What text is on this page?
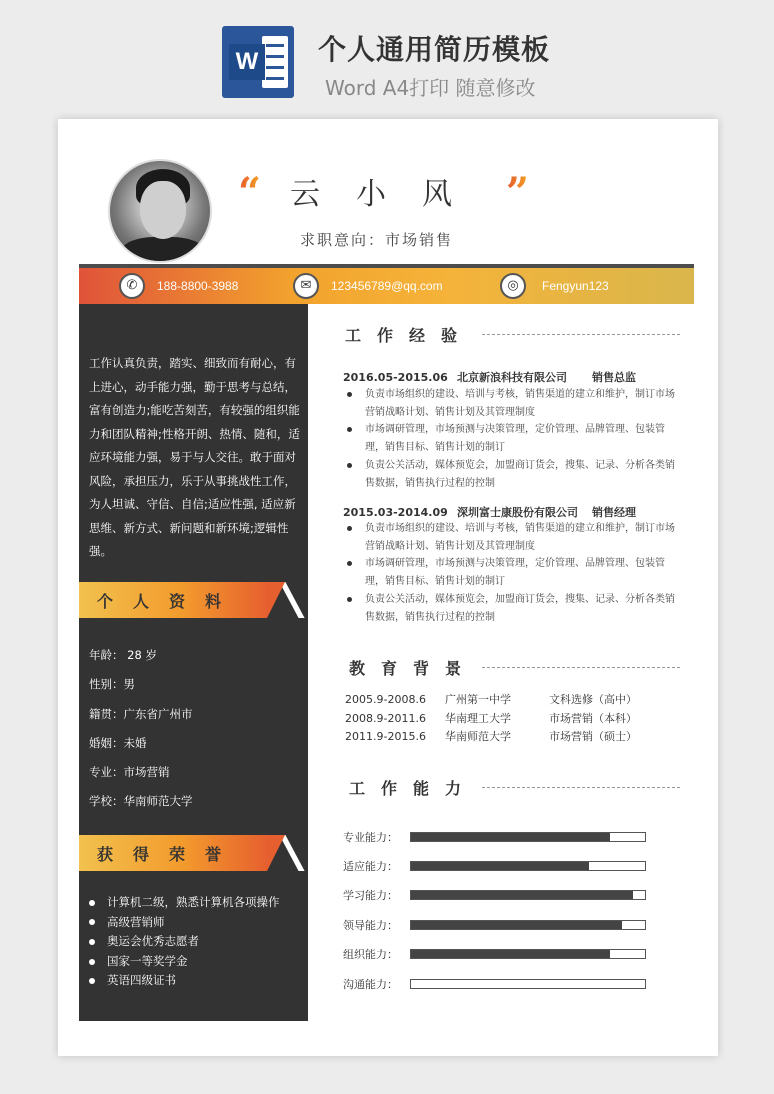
W 个人通用简历模板
Word A4打印 随意修改
“ 云小风 ”
求职意向：市场销售
✆	188-8800-3988	✉	123456789@qq.com	◎	Fengyun123
工作认真负责，踏实、细致而有耐心，有上进心，动手能力强，勤于思考与总结，富有创造力;能吃苦刻苦，有较强的组织能力和团队精神;性格开朗、热情、随和，适应环境能力强，易于与人交往。敢于面对风险，承担压力，乐于从事挑战性工作，为人坦诚、守信、自信;适应性强, 适应新思维、新方式、新问题和新环境;逻辑性强。
个人资料
获得荣誉
年龄： 28 岁
性别：男
籍贯：广东省广州市
婚姻：未婚
专业：市场营销
学校：华南师范大学
计算机二级，熟悉计算机各项操作
高级营销师
奥运会优秀志愿者
国家一等奖学金
英语四级证书
工作经验
2016.05-2015.06 北京新浪科技有限公司 销售总监
负责市场组织的建设、培训与考核，销售渠道的建立和维护，制订市场营销战略计划、销售计划及其管理制度
市场调研管理，市场预测与决策管理，定价管理、品牌管理、包装管理，销售目标、销售计划的制订
负责公关活动，媒体预览会，加盟商订货会，搜集、记录、分析各类销售数据，销售执行过程的控制
2015.03-2014.09 深圳富士康股份有限公司 销售经理
负责市场组织的建设、培训与考核，销售渠道的建立和维护，制订市场营销战略计划、销售计划及其管理制度
市场调研管理，市场预测与决策管理，定价管理、品牌管理、包装管理，销售目标、销售计划的制订
负责公关活动，媒体预览会，加盟商订货会，搜集、记录、分析各类销售数据，销售执行过程的控制
教育背景
2005.9-2008.6 广州第一中学	文科选修（高中）
2008.9-2011.6 华南理工大学	市场营销（本科）
2011.9-2015.6 华南师范大学	市场营销（硕士）
工作能力
专业能力：
适应能力：
学习能力：
领导能力：
组织能力：
沟通能力：
